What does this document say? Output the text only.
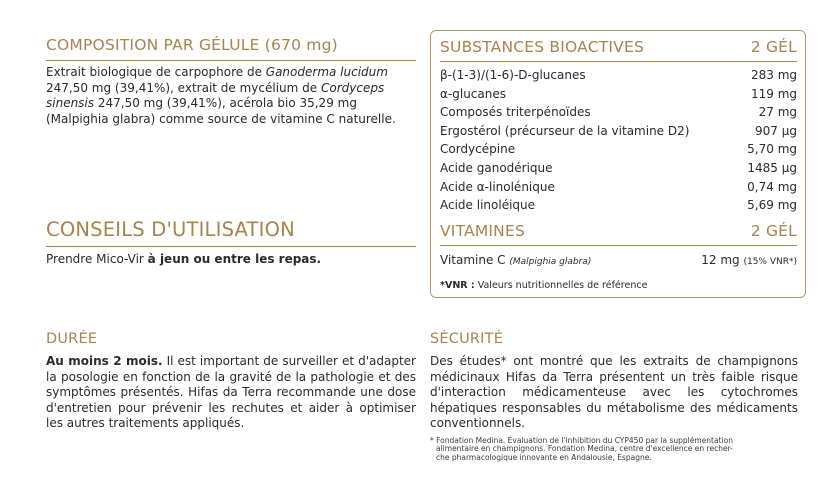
COMPOSITION PAR GÉLULE (670 mg)
Extrait biologique de carpophore de Ganoderma lucidum 247,50 mg (39,41%), extrait de mycélium de Cordyceps sinensis 247,50 mg (39,41%), acérola bio 35,29 mg (Malpighia glabra) comme source de vitamine C naturelle.
CONSEILS D'UTILISATION
Prendre Mico-Vir à jeun ou entre les repas.
SUBSTANCES BIOACTIVES	2 GÉL
β-(1-3)/(1-6)-D-glucanes	283 mg
α-glucanes	119 mg
Composés triterpénoïdes	27 mg
Ergostérol (précurseur de la vitamine D2)	907 µg
Cordycépine	5,70 mg
Acide ganodérique	1485 µg
Acide α-linolénique	0,74 mg
Acide linoléique	5,69 mg
VITAMINES	2 GÉL
Vitamine C (Malpighia glabra)	12 mg (15% VNR*)
*VNR : Valeurs nutritionnelles de référence
DURÉE
Au moins 2 mois. Il est important de surveiller et d'adapter la posologie en fonction de la gravité de la pathologie et des symptômes présentés. Hifas da Terra recommande une dose d'entretien pour prévenir les rechutes et aider à optimiser les autres traitements appliqués.
SÉCURITÉ
Des études* ont montré que les extraits de champignons médicinaux Hifas da Terra présentent un très faible risque d'interaction médicamenteuse avec les cytochromes hépatiques responsables du métabolisme des médicaments conventionnels.
* Fondation Medina. Évaluation de l'inhibition du CYP450 par la supplémentation
alimentaire en champignons. Fondation Medina, centre d'excellence en recher-
che pharmacologique innovante en Andalousie, Espagne.
